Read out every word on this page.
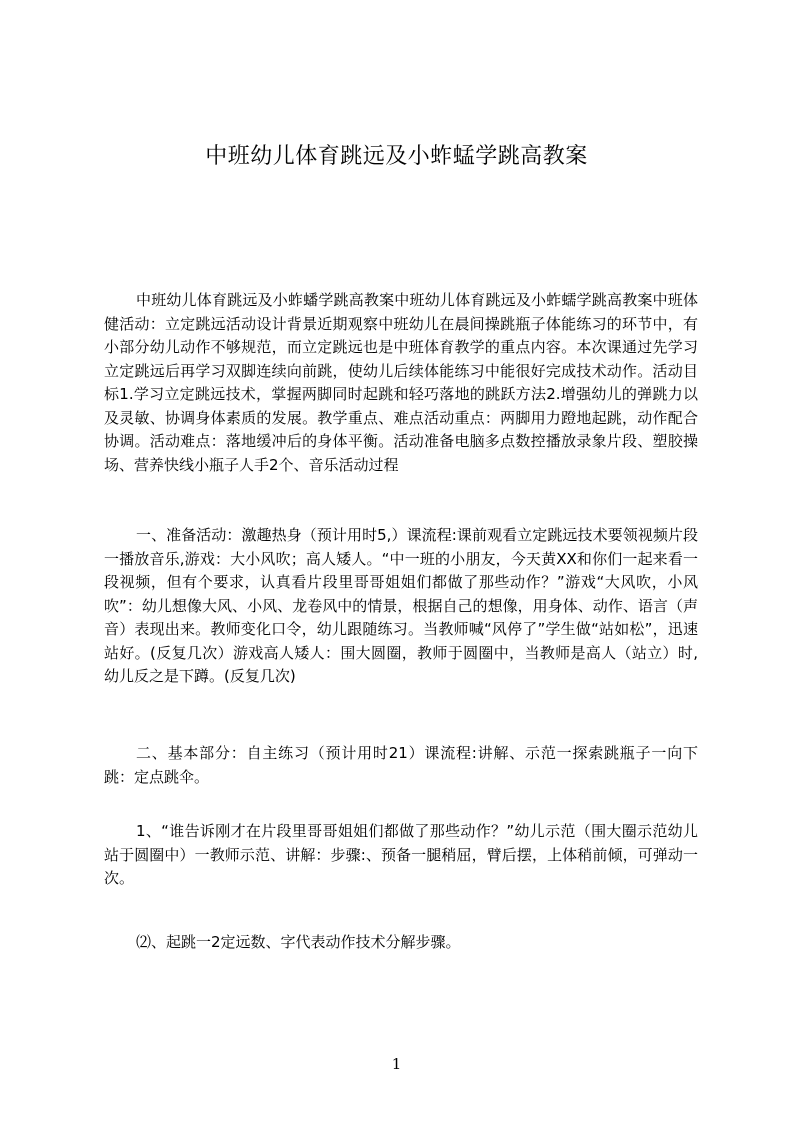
中班幼儿体育跳远及小蚱蜢学跳高教案

中班幼儿体育跳远及小蚱蟠学跳高教案中班幼儿体育跳远及小蚱蠕学跳高教案中班体健活动：立定跳远活动设计背景近期观察中班幼儿在晨间操跳瓶子体能练习的环节中，有小部分幼儿动作不够规范，而立定跳远也是中班体育教学的重点内容。本次课通过先学习立定跳远后再学习双脚连续向前跳，使幼儿后续体能练习中能很好完成技术动作。活动目标1.学习立定跳远技术，掌握两脚同时起跳和轻巧落地的跳跃方法2.增强幼儿的弹跳力以及灵敏、协调身体素质的发展。教学重点、难点活动重点：两脚用力蹬地起跳，动作配合协调。活动难点：落地缓冲后的身体平衡。活动准备电脑多点数控播放录象片段、塑胶操场、营养快线小瓶子人手2个、音乐活动过程

一、准备活动：激趣热身（预计用时5,）课流程:课前观看立定跳远技术要领视频片段一播放音乐,游戏：大小风吹；高人矮人。“中一班的小朋友，今天黄XX和你们一起来看一段视频，但有个要求，认真看片段里哥哥姐姐们都做了那些动作？”游戏“大风吹，小风吹”：幼儿想像大风、小风、龙卷风中的情景，根据自己的想像，用身体、动作、语言（声音）表现出来。教师变化口令，幼儿跟随练习。当教师喊“风停了”学生做“站如松”，迅速站好。(反复几次）游戏高人矮人：围大圆圈，教师于圆圈中，当教师是高人（站立）时,幼儿反之是下蹲。(反复几次)

二、基本部分：自主练习（预计用时21）课流程:讲解、示范一探索跳瓶子一向下跳：定点跳伞。

1、“谁告诉刚才在片段里哥哥姐姐们都做了那些动作？”幼儿示范（围大圈示范幼儿站于圆圈中）一教师示范、讲解：步骤:、预备一腿稍屈，臂后摆，上体稍前倾，可弹动一次。

⑵、起跳一2定远数、字代表动作技术分解步骤。

1
